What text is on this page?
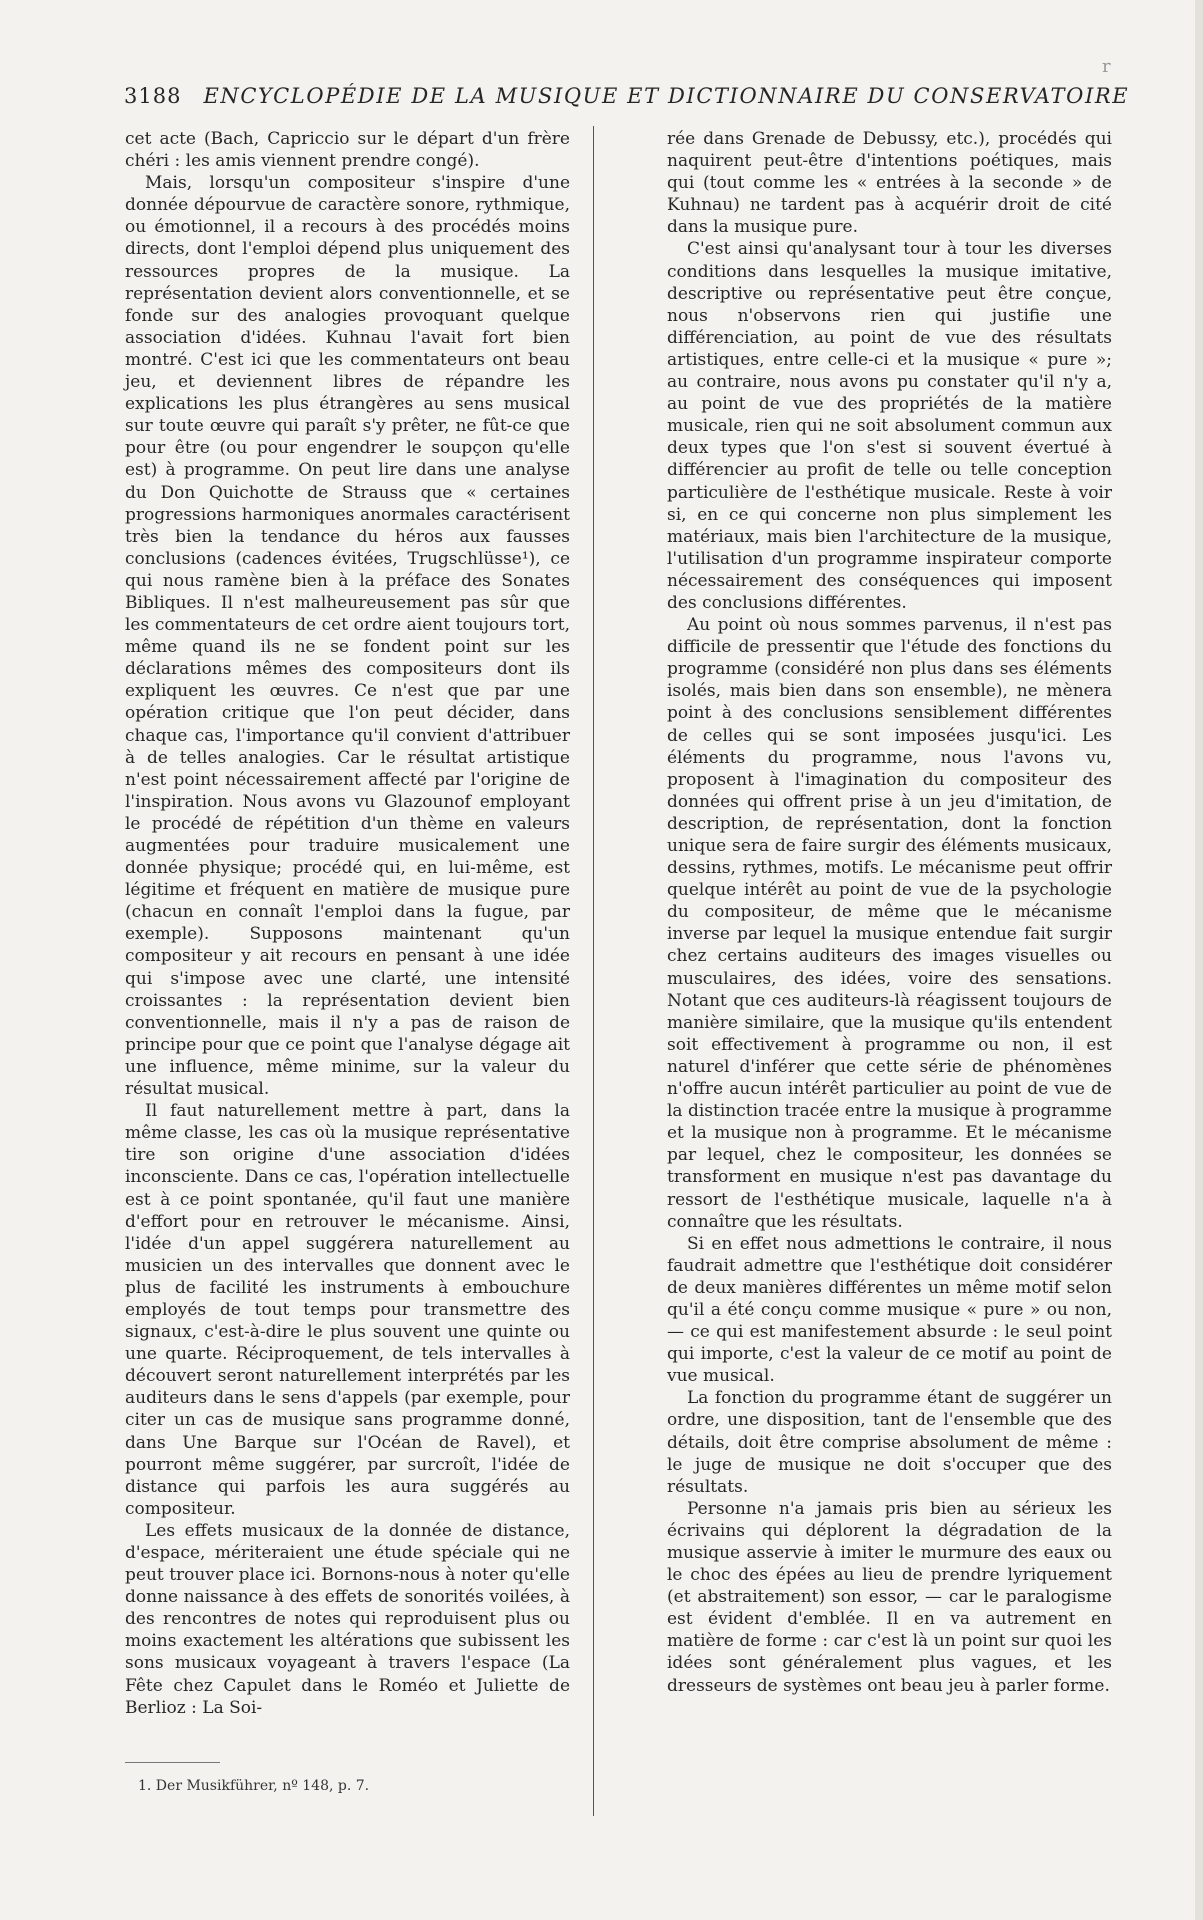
r
3188 ENCYCLOPÉDIE DE LA MUSIQUE ET DICTIONNAIRE DU CONSERVATOIRE

cet acte (Bach, Capriccio sur le départ d'un frère chéri : les amis viennent prendre congé).

Mais, lorsqu'un compositeur s'inspire d'une donnée dépourvue de caractère sonore, rythmique, ou émotionnel, il a recours à des procédés moins directs, dont l'emploi dépend plus uniquement des ressources propres de la musique. La représentation devient alors conventionnelle, et se fonde sur des analogies provoquant quelque association d'idées. Kuhnau l'avait fort bien montré. C'est ici que les commentateurs ont beau jeu, et deviennent libres de répandre les explications les plus étrangères au sens musical sur toute œuvre qui paraît s'y prêter, ne fût-ce que pour être (ou pour engendrer le soupçon qu'elle est) à programme. On peut lire dans une analyse du Don Quichotte de Strauss que « certaines progressions harmoniques anormales caractérisent très bien la tendance du héros aux fausses conclusions (cadences évitées, Trugschlüsse¹), ce qui nous ramène bien à la préface des Sonates Bibliques. Il n'est malheureusement pas sûr que les commentateurs de cet ordre aient toujours tort, même quand ils ne se fondent point sur les déclarations mêmes des compositeurs dont ils expliquent les œuvres. Ce n'est que par une opération critique que l'on peut décider, dans chaque cas, l'importance qu'il convient d'attribuer à de telles analogies. Car le résultat artistique n'est point nécessairement affecté par l'origine de l'inspiration. Nous avons vu Glazounof employant le procédé de répétition d'un thème en valeurs augmentées pour traduire musicalement une donnée physique; procédé qui, en lui-même, est légitime et fréquent en matière de musique pure (chacun en connaît l'emploi dans la fugue, par exemple). Supposons maintenant qu'un compositeur y ait recours en pensant à une idée qui s'impose avec une clarté, une intensité croissantes : la représentation devient bien conventionnelle, mais il n'y a pas de raison de principe pour que ce point que l'analyse dégage ait une influence, même minime, sur la valeur du résultat musical.

Il faut naturellement mettre à part, dans la même classe, les cas où la musique représentative tire son origine d'une association d'idées inconsciente. Dans ce cas, l'opération intellectuelle est à ce point spontanée, qu'il faut une manière d'effort pour en retrouver le mécanisme. Ainsi, l'idée d'un appel suggérera naturellement au musicien un des intervalles que donnent avec le plus de facilité les instruments à embouchure employés de tout temps pour transmettre des signaux, c'est-à-dire le plus souvent une quinte ou une quarte. Réciproquement, de tels intervalles à découvert seront naturellement interprétés par les auditeurs dans le sens d'appels (par exemple, pour citer un cas de musique sans programme donné, dans Une Barque sur l'Océan de Ravel), et pourront même suggérer, par surcroît, l'idée de distance qui parfois les aura suggérés au compositeur.

Les effets musicaux de la donnée de distance, d'espace, mériteraient une étude spéciale qui ne peut trouver place ici. Bornons-nous à noter qu'elle donne naissance à des effets de sonorités voilées, à des rencontres de notes qui reproduisent plus ou moins exactement les altérations que subissent les sons musicaux voyageant à travers l'espace (La Fête chez Capulet dans le Roméo et Juliette de Berlioz : La Soi-

rée dans Grenade de Debussy, etc.), procédés qui naquirent peut-être d'intentions poétiques, mais qui (tout comme les « entrées à la seconde » de Kuhnau) ne tardent pas à acquérir droit de cité dans la musique pure.

C'est ainsi qu'analysant tour à tour les diverses conditions dans lesquelles la musique imitative, descriptive ou représentative peut être conçue, nous n'observons rien qui justifie une différenciation, au point de vue des résultats artistiques, entre celle-ci et la musique « pure »; au contraire, nous avons pu constater qu'il n'y a, au point de vue des propriétés de la matière musicale, rien qui ne soit absolument commun aux deux types que l'on s'est si souvent évertué à différencier au profit de telle ou telle conception particulière de l'esthétique musicale. Reste à voir si, en ce qui concerne non plus simplement les matériaux, mais bien l'architecture de la musique, l'utilisation d'un programme inspirateur comporte nécessairement des conséquences qui imposent des conclusions différentes.

Au point où nous sommes parvenus, il n'est pas difficile de pressentir que l'étude des fonctions du programme (considéré non plus dans ses éléments isolés, mais bien dans son ensemble), ne mènera point à des conclusions sensiblement différentes de celles qui se sont imposées jusqu'ici. Les éléments du programme, nous l'avons vu, proposent à l'imagination du compositeur des données qui offrent prise à un jeu d'imitation, de description, de représentation, dont la fonction unique sera de faire surgir des éléments musicaux, dessins, rythmes, motifs. Le mécanisme peut offrir quelque intérêt au point de vue de la psychologie du compositeur, de même que le mécanisme inverse par lequel la musique entendue fait surgir chez certains auditeurs des images visuelles ou musculaires, des idées, voire des sensations. Notant que ces auditeurs-là réagissent toujours de manière similaire, que la musique qu'ils entendent soit effectivement à programme ou non, il est naturel d'inférer que cette série de phénomènes n'offre aucun intérêt particulier au point de vue de la distinction tracée entre la musique à programme et la musique non à programme. Et le mécanisme par lequel, chez le compositeur, les données se transforment en musique n'est pas davantage du ressort de l'esthétique musicale, laquelle n'a à connaître que les résultats.

Si en effet nous admettions le contraire, il nous faudrait admettre que l'esthétique doit considérer de deux manières différentes un même motif selon qu'il a été conçu comme musique « pure » ou non, — ce qui est manifestement absurde : le seul point qui importe, c'est la valeur de ce motif au point de vue musical.

La fonction du programme étant de suggérer un ordre, une disposition, tant de l'ensemble que des détails, doit être comprise absolument de même : le juge de musique ne doit s'occuper que des résultats.

Personne n'a jamais pris bien au sérieux les écrivains qui déplorent la dégradation de la musique asservie à imiter le murmure des eaux ou le choc des épées au lieu de prendre lyriquement (et abstraitement) son essor, — car le paralogisme est évident d'emblée. Il en va autrement en matière de forme : car c'est là un point sur quoi les idées sont généralement plus vagues, et les dresseurs de systèmes ont beau jeu à parler forme.

1. Der Musikführer, nº 148, p. 7.
